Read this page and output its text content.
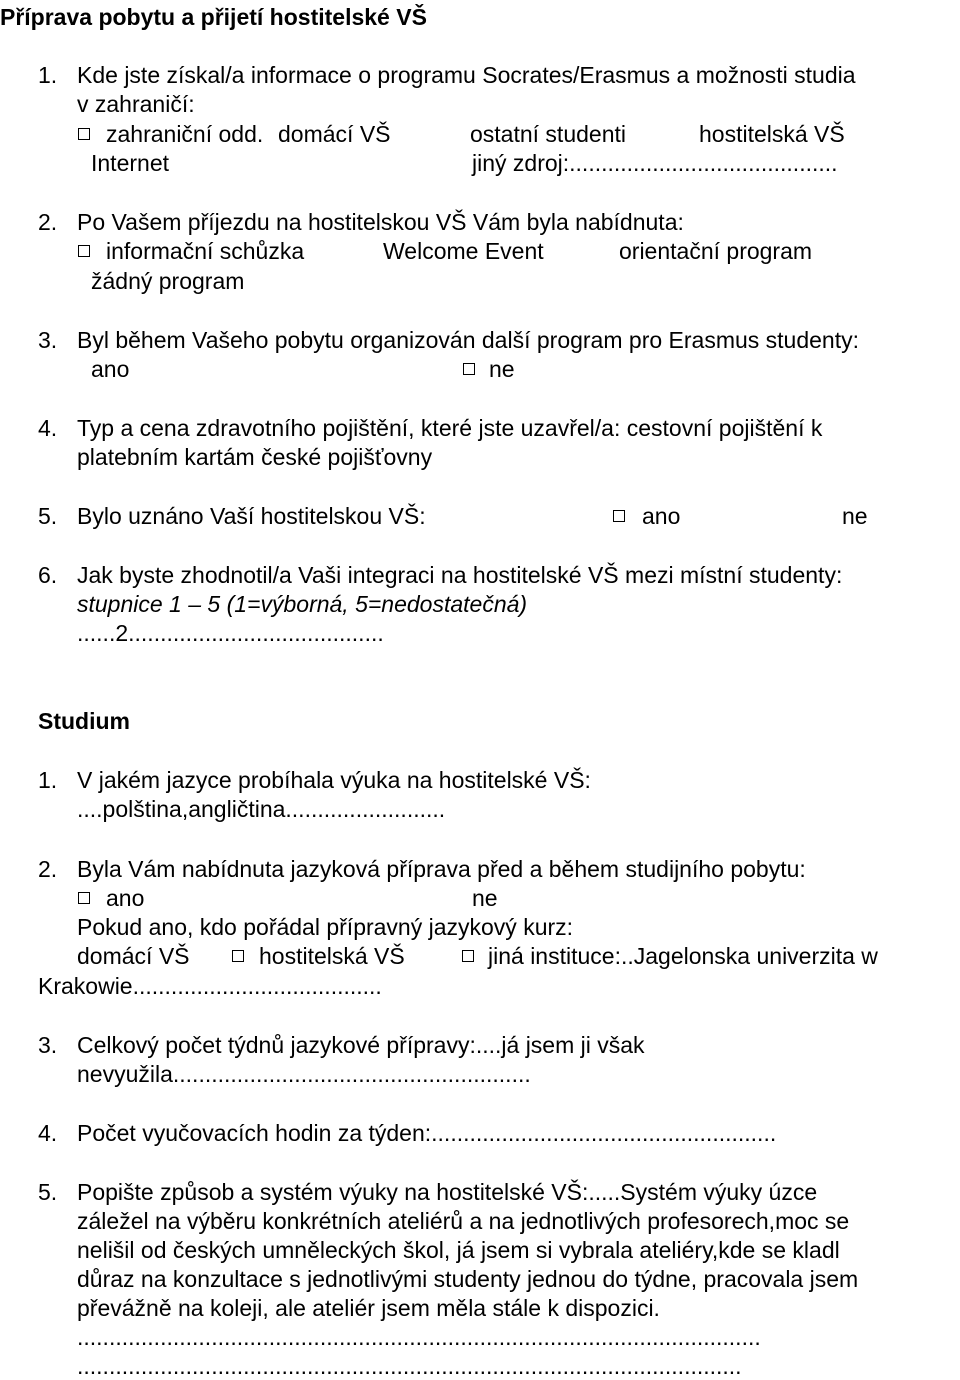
Příprava pobytu a přijetí hostitelské VŠ
1. Kde jste získal/a informace o programu Socrates/Erasmus a možnosti studia
v zahraničí:
zahraniční odd. domácí VŠ	ostatní studenti	hostitelská VŠ
Internet	jiný zdroj:..........................................
2. Po Vašem příjezdu na hostitelskou VŠ Vám byla nabídnuta:
informační schůzka	Welcome Event	orientační program
žádný program
3. Byl během Vašeho pobytu organizován další program pro Erasmus studenty:
ano	ne
4. Typ a cena zdravotního pojištění, které jste uzavřel/a: cestovní pojištění k
platebním kartám české pojišťovny
5. Bylo uznáno Vaší hostitelskou VŠ:	ano	ne
6. Jak byste zhodnotil/a Vaši integraci na hostitelské VŠ mezi místní studenty:
stupnice 1 – 5 (1=výborná, 5=nedostatečná)
......2........................................
Studium
1. V jakém jazyce probíhala výuka na hostitelské VŠ:
....polština,angličtina.........................
2. Byla Vám nabídnuta jazyková příprava před a během studijního pobytu:
ano	ne
Pokud ano, kdo pořádal přípravný jazykový kurz:
domácí VŠ	hostitelská VŠ	jiná instituce:..Jagelonska univerzita w
Krakowie.......................................
3. Celkový počet týdnů jazykové přípravy:....já jsem ji však
nevyužila........................................................
4. Počet vyučovacích hodin za týden:......................................................
5. Popište způsob a systém výuky na hostitelské VŠ:.....Systém výuky úzce
záležel na výběru konkrétních ateliérů a na jednotlivých profesorech,moc se
nelišil od českých umněleckých škol, já jsem si vybrala ateliéry,kde se kladl
důraz na konzultace s jednotlivými studenty jednou do týdne, pracovala jsem
převážně na koleji, ale ateliér jsem měla stále k dispozici.
...........................................................................................................
........................................................................................................
